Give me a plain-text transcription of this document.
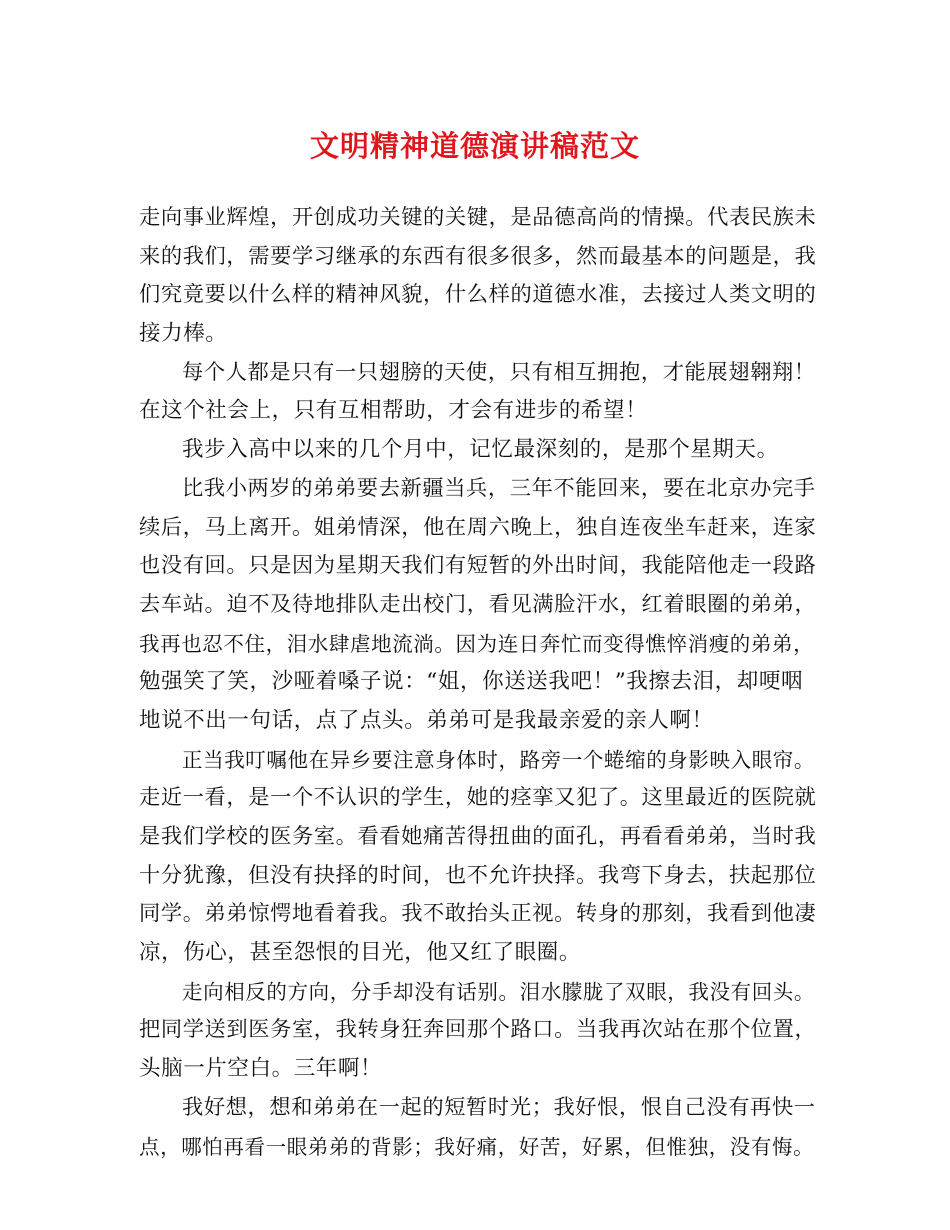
文明精神道德演讲稿范文
走向事业辉煌，开创成功关键的关键，是品德高尚的情操。代表民族未
来的我们，需要学习继承的东西有很多很多，然而最基本的问题是，我
们究竟要以什么样的精神风貌，什么样的道德水准，去接过人类文明的
接力棒。
每个人都是只有一只翅膀的天使，只有相互拥抱，才能展翅翱翔！
在这个社会上，只有互相帮助，才会有进步的希望！
我步入高中以来的几个月中，记忆最深刻的，是那个星期天。
比我小两岁的弟弟要去新疆当兵，三年不能回来，要在北京办完手
续后，马上离开。姐弟情深，他在周六晚上，独自连夜坐车赶来，连家
也没有回。只是因为星期天我们有短暂的外出时间，我能陪他走一段路
去车站。迫不及待地排队走出校门，看见满脸汗水，红着眼圈的弟弟，
我再也忍不住，泪水肆虐地流淌。因为连日奔忙而变得憔悴消瘦的弟弟，
勉强笑了笑，沙哑着嗓子说：“姐，你送送我吧！”我擦去泪，却哽咽
地说不出一句话，点了点头。弟弟可是我最亲爱的亲人啊！
正当我叮嘱他在异乡要注意身体时，路旁一个蜷缩的身影映入眼帘。
走近一看，是一个不认识的学生，她的痉挛又犯了。这里最近的医院就
是我们学校的医务室。看看她痛苦得扭曲的面孔，再看看弟弟，当时我
十分犹豫，但没有抉择的时间，也不允许抉择。我弯下身去，扶起那位
同学。弟弟惊愕地看着我。我不敢抬头正视。转身的那刻，我看到他凄
凉，伤心，甚至怨恨的目光，他又红了眼圈。
走向相反的方向，分手却没有话别。泪水朦胧了双眼，我没有回头。
把同学送到医务室，我转身狂奔回那个路口。当我再次站在那个位置，
头脑一片空白。三年啊！
我好想，想和弟弟在一起的短暂时光；我好恨，恨自己没有再快一
点，哪怕再看一眼弟弟的背影；我好痛，好苦，好累，但惟独，没有悔。
